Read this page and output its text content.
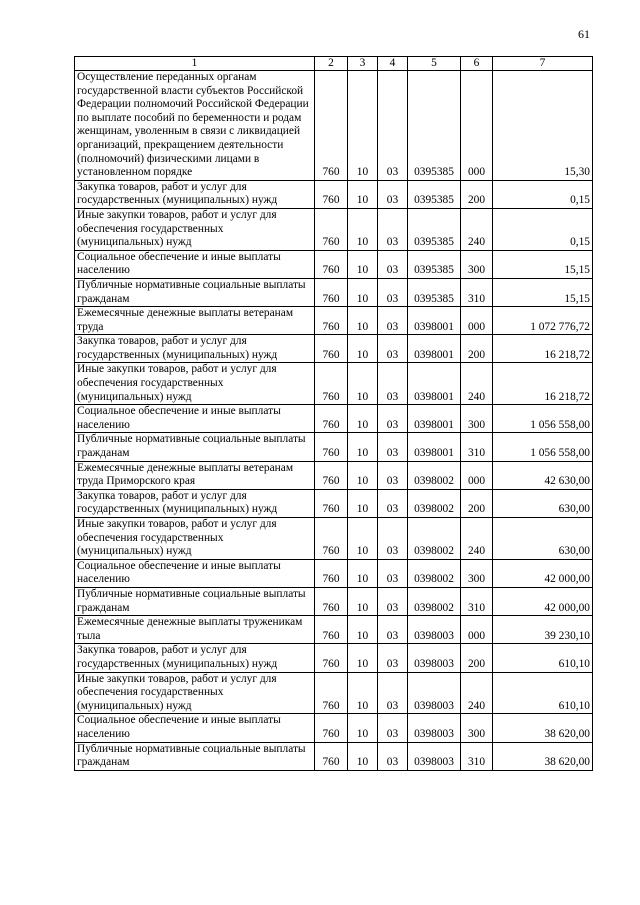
61
1	2	3	4	5	6	7
Осуществление переданных органам государственной власти субъектов Российской Федерации полномочий Российской Федерации по выплате пособий по беременности и родам женщинам, уволенным в связи с ликвидацией организаций, прекращением деятельности (полномочий) физическими лицами в установленном порядке	760	10	03	0395385	000	15,30
Закупка товаров, работ и услуг для государственных (муниципальных) нужд	760	10	03	0395385	200	0,15
Иные закупки товаров, работ и услуг для обеспечения государственных (муниципальных) нужд	760	10	03	0395385	240	0,15
Социальное обеспечение и иные выплаты населению	760	10	03	0395385	300	15,15
Публичные нормативные социальные выплаты гражданам	760	10	03	0395385	310	15,15
Ежемесячные денежные выплаты ветеранам труда	760	10	03	0398001	000	1 072 776,72
Закупка товаров, работ и услуг для государственных (муниципальных) нужд	760	10	03	0398001	200	16 218,72
Иные закупки товаров, работ и услуг для обеспечения государственных (муниципальных) нужд	760	10	03	0398001	240	16 218,72
Социальное обеспечение и иные выплаты населению	760	10	03	0398001	300	1 056 558,00
Публичные нормативные социальные выплаты гражданам	760	10	03	0398001	310	1 056 558,00
Ежемесячные денежные выплаты ветеранам труда Приморского края	760	10	03	0398002	000	42 630,00
Закупка товаров, работ и услуг для государственных (муниципальных) нужд	760	10	03	0398002	200	630,00
Иные закупки товаров, работ и услуг для обеспечения государственных (муниципальных) нужд	760	10	03	0398002	240	630,00
Социальное обеспечение и иные выплаты населению	760	10	03	0398002	300	42 000,00
Публичные нормативные социальные выплаты гражданам	760	10	03	0398002	310	42 000,00
Ежемесячные денежные выплаты труженикам тыла	760	10	03	0398003	000	39 230,10
Закупка товаров, работ и услуг для государственных (муниципальных) нужд	760	10	03	0398003	200	610,10
Иные закупки товаров, работ и услуг для обеспечения государственных (муниципальных) нужд	760	10	03	0398003	240	610,10
Социальное обеспечение и иные выплаты населению	760	10	03	0398003	300	38 620,00
Публичные нормативные социальные выплаты гражданам	760	10	03	0398003	310	38 620,00
